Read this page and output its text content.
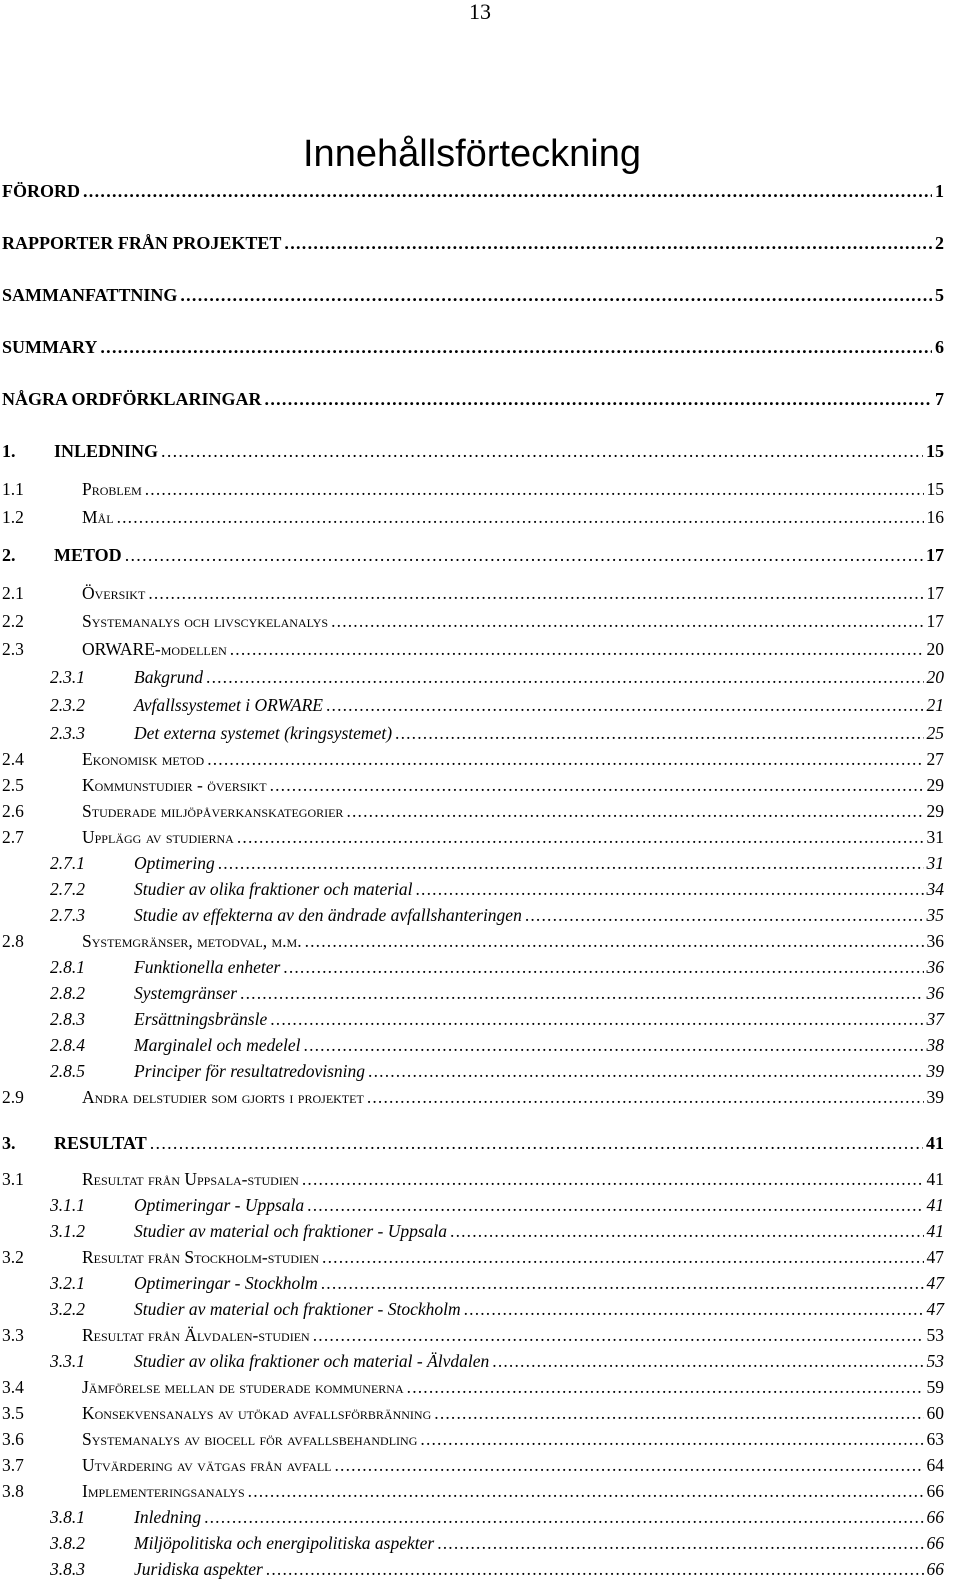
13
Innehållsförteckning
FÖRORD . . .	1
RAPPORTER FRÅN PROJEKTET . . .	2
SAMMANFATTNING . . .	5
SUMMARY . . .	6
NÅGRA ORDFÖRKLARINGAR . . .	7
1.	INLEDNING . . .	15
1.1	Problem . . .	15
1.2	Mål . . .	16
2.	METOD . . .	17
2.1	Översikt . . .	17
2.2	Systemanalys och livscykelanalys . . .	17
2.3	ORWARE-modellen . . .	20
2.3.1	Bakgrund . . .	20
2.3.2	Avfallssystemet i ORWARE . . .	21
2.3.3	Det externa systemet (kringsystemet) . . .	25
2.4	Ekonomisk metod . . .	27
2.5	Kommunstudier - översikt . . .	29
2.6	Studerade miljöpåverkanskategorier . . .	29
2.7	Upplägg av studierna . . .	31
2.7.1	Optimering . . .	31
2.7.2	Studier av olika fraktioner och material . . .	34
2.7.3	Studie av effekterna av den ändrade avfallshanteringen . . .	35
2.8	Systemgränser, metodval, m.m. . . .	36
2.8.1	Funktionella enheter . . .	36
2.8.2	Systemgränser . . .	36
2.8.3	Ersättningsbränsle . . .	37
2.8.4	Marginalel och medelel . . .	38
2.8.5	Principer för resultatredovisning . . .	39
2.9	Andra delstudier som gjorts i projektet . . .	39
3.	RESULTAT . . .	41
3.1	Resultat från Uppsala-studien . . .	41
3.1.1	Optimeringar - Uppsala . . .	41
3.1.2	Studier av material och fraktioner - Uppsala . . .	41
3.2	Resultat från Stockholm-studien . . .	47
3.2.1	Optimeringar - Stockholm . . .	47
3.2.2	Studier av material och fraktioner - Stockholm . . .	47
3.3	Resultat från Älvdalen-studien . . .	53
3.3.1	Studier av olika fraktioner och material - Älvdalen . . .	53
3.4	Jämförelse mellan de studerade kommunerna . . .	59
3.5	Konsekvensanalys av utökad avfallsförbränning . . .	60
3.6	Systemanalys av biocell för avfallsbehandling . . .	63
3.7	Utvärdering av vätgas från avfall . . .	64
3.8	Implementeringsanalys . . .	66
3.8.1	Inledning . . .	66
3.8.2	Miljöpolitiska och energipolitiska aspekter . . .	66
3.8.3	Juridiska aspekter . . .	66
